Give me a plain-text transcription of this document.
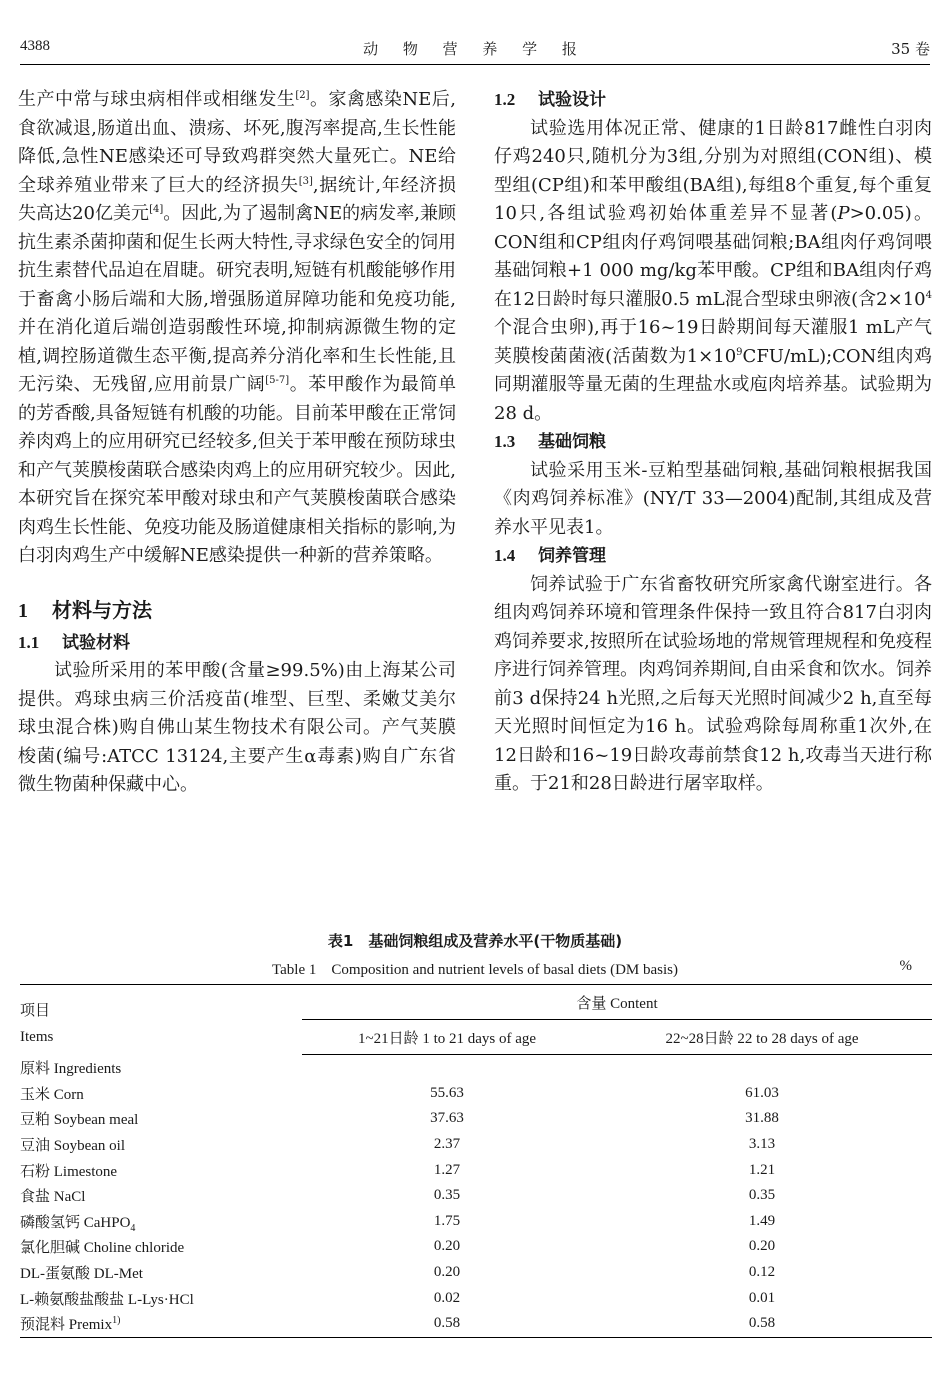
4388	动 物 营 养 学 报	35 卷

生产中常与球虫病相伴或相继发生[2]。家禽感染NE后,食欲减退,肠道出血、溃疡、坏死,腹泻率提高,生长性能降低,急性NE感染还可导致鸡群突然大量死亡。NE给全球养殖业带来了巨大的经济损失[3],据统计,年经济损失高达20亿美元[4]。因此,为了遏制禽NE的病发率,兼顾抗生素杀菌抑菌和促生长两大特性,寻求绿色安全的饲用抗生素替代品迫在眉睫。研究表明,短链有机酸能够作用于畜禽小肠后端和大肠,增强肠道屏障功能和免疫功能,并在消化道后端创造弱酸性环境,抑制病源微生物的定植,调控肠道微生态平衡,提高养分消化率和生长性能,且无污染、无残留,应用前景广阔[5-7]。苯甲酸作为最简单的芳香酸,具备短链有机酸的功能。目前苯甲酸在正常饲养肉鸡上的应用研究已经较多,但关于苯甲酸在预防球虫和产气荚膜梭菌联合感染肉鸡上的应用研究较少。因此,本研究旨在探究苯甲酸对球虫和产气荚膜梭菌联合感染肉鸡生长性能、免疫功能及肠道健康相关指标的影响,为白羽肉鸡生产中缓解NE感染提供一种新的营养策略。

1 材料与方法
1.1 试验材料

试验所采用的苯甲酸(含量≥99.5%)由上海某公司提供。鸡球虫病三价活疫苗(堆型、巨型、柔嫩艾美尔球虫混合株)购自佛山某生物技术有限公司。产气荚膜梭菌(编号:ATCC 13124,主要产生α毒素)购自广东省微生物菌种保藏中心。

1.2 试验设计

试验选用体况正常、健康的1日龄817雌性白羽肉仔鸡240只,随机分为3组,分别为对照组(CON组)、模型组(CP组)和苯甲酸组(BA组),每组8个重复,每个重复10只,各组试验鸡初始体重差异不显著(P>0.05)。CON组和CP组肉仔鸡饲喂基础饲粮;BA组肉仔鸡饲喂基础饲粮+1 000 mg/kg苯甲酸。CP组和BA组肉仔鸡在12日龄时每只灌服0.5 mL混合型球虫卵液(含$2\times 10^4$个混合虫卵),再于16~19日龄期间每天灌服1 mL产气荚膜梭菌菌液(活菌数为$1\times 10^9CFU/mL);CON$组肉鸡同期灌服等量无菌的生理盐水或庖肉培养基。试验期为28 d。

1.3 基础饲粮

试验采用玉米-豆粕型基础饲粮,基础饲粮根据我国《肉鸡饲养标准》(NY/T 33—2004)配制,其组成及营养水平见表1。

1.4 饲养管理

饲养试验于广东省畜牧研究所家禽代谢室进行。各组肉鸡饲养环境和管理条件保持一致且符合817白羽肉鸡饲养要求,按照所在试验场地的常规管理规程和免疫程序进行饲养管理。肉鸡饲养期间,自由采食和饮水。饲养前3 d保持24 h光照,之后每天光照时间减少2 h,直至每天光照时间恒定为16 h。试验鸡除每周称重1次外,在12日龄和16~19日龄攻毒前禁食12 h,攻毒当天进行称重。于21和28日龄进行屠宰取样。

表1　基础饲粮组成及营养水平(干物质基础)
Table 1　Composition and nutrient levels of basal diets (DM basis)	%
项目
Items	含量 Content	
	1~21日龄 1 to 21 days of age	22~28日龄 22 to 28 days of age
原料 Ingredients		
玉米 Corn	55.63	61.03
豆粕 Soybean meal	37.63	31.88
豆油 Soybean oil	2.37	3.13
石粉 Limestone	1.27	1.21
食盐 NaCl	0.35	0.35
磷酸氢钙 CaHPO$_4$	1.75	1.49
氯化胆碱 Choline chloride	0.20	0.20
DL-蛋氨酸 DL-Met	0.20	0.12
L-赖氨酸盐酸盐 L-Lys·HCl	0.02	0.01
预混料 Premix$^{1)}$	0.58	0.58
